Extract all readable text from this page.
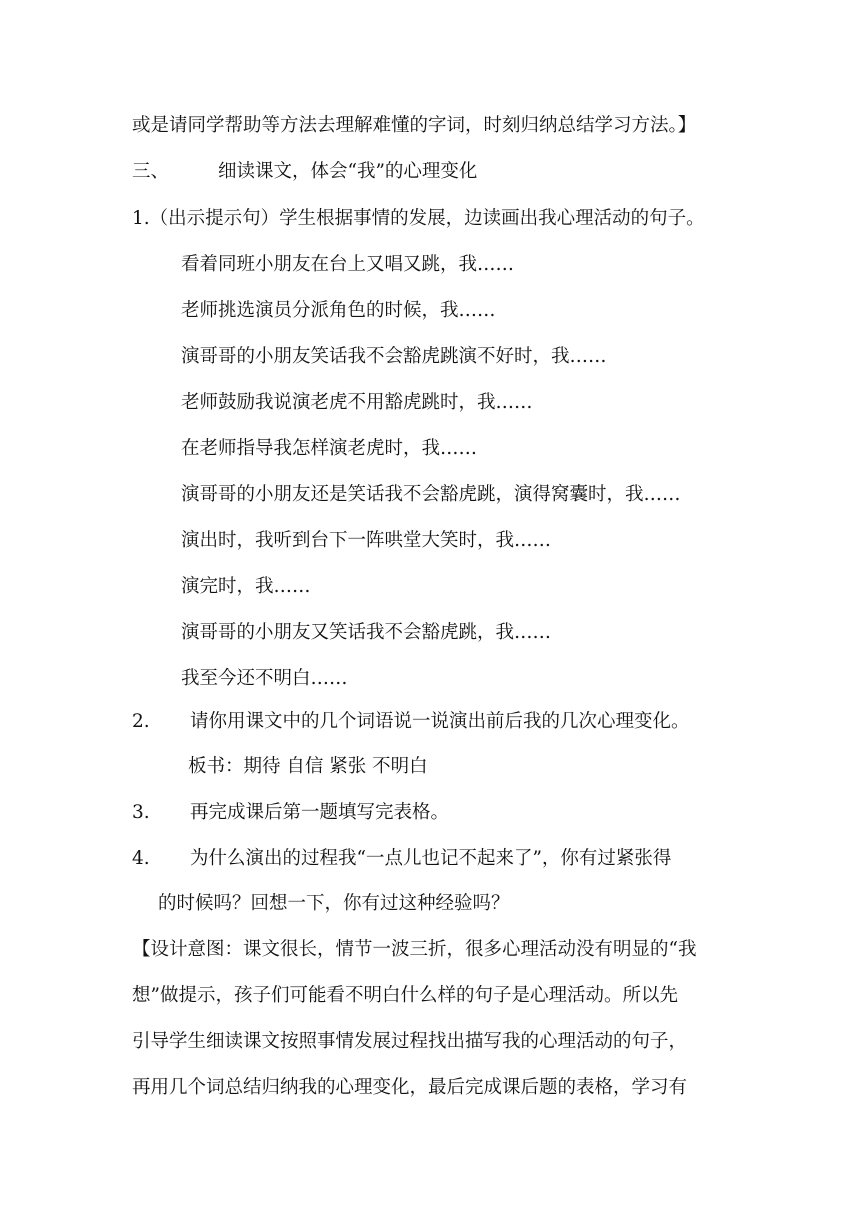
或是请同学帮助等方法去理解难懂的字词，时刻归纳总结学习方法。】
三、	细读课文，体会“我”的心理变化
1.（出示提示句）学生根据事情的发展，边读画出我心理活动的句子。
看着同班小朋友在台上又唱又跳，我……
老师挑选演员分派角色的时候，我……
演哥哥的小朋友笑话我不会豁虎跳演不好时，我……
老师鼓励我说演老虎不用豁虎跳时，我……
在老师指导我怎样演老虎时，我……
演哥哥的小朋友还是笑话我不会豁虎跳，演得窝囊时，我……
演出时，我听到台下一阵哄堂大笑时，我……
演完时，我……
演哥哥的小朋友又笑话我不会豁虎跳，我……
我至今还不明白……
2. 请你用课文中的几个词语说一说演出前后我的几次心理变化。
板书：期待 自信 紧张 不明白
3. 再完成课后第一题填写完表格。
4. 为什么演出的过程我“一点儿也记不起来了”，你有过紧张得
的时候吗？回想一下，你有过这种经验吗？
【设计意图：课文很长，情节一波三折，很多心理活动没有明显的“我
想”做提示，孩子们可能看不明白什么样的句子是心理活动。所以先
引导学生细读课文按照事情发展过程找出描写我的心理活动的句子，
再用几个词总结归纳我的心理变化，最后完成课后题的表格，学习有
